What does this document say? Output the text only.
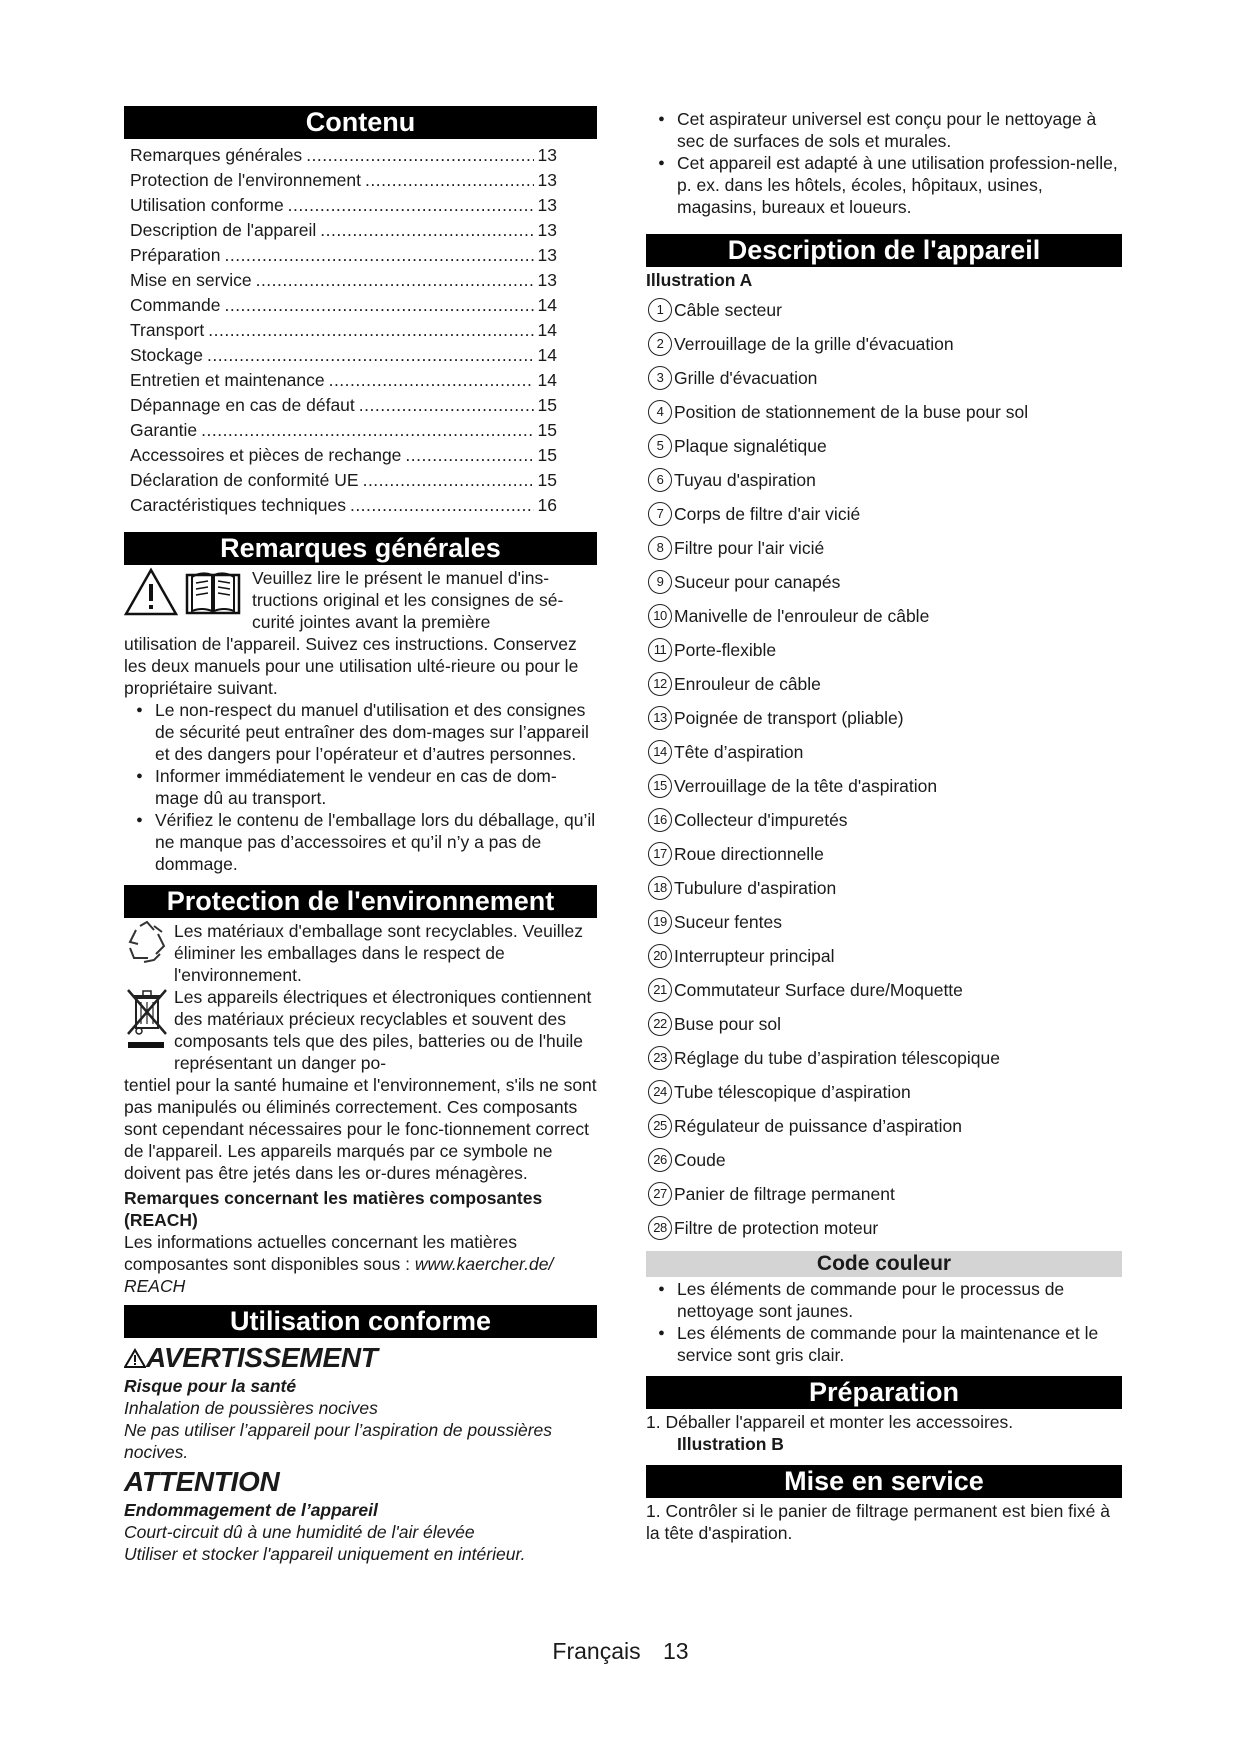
Contenu
Remarques générales .....	13
Protection de l'environnement .....	13
Utilisation conforme .....	13
Description de l'appareil .....	13
Préparation .....	13
Mise en service .....	13
Commande .....	14
Transport .....	14
Stockage .....	14
Entretien et maintenance .....	14
Dépannage en cas de défaut .....	15
Garantie .....	15
Accessoires et pièces de rechange .....	15
Déclaration de conformité UE .....	15
Caractéristiques techniques .....	16
Remarques générales

Veuillez lire le présent le manuel d'ins-tructions original et les consignes de sé-curité jointes avant la première

utilisation de l'appareil. Suivez ces instructions. Conservez les deux manuels pour une utilisation ulté-rieure ou pour le propriétaire suivant.

● Le non-respect du manuel d'utilisation et des consignes de sécurité peut entraîner des dom-mages sur l’appareil et des dangers pour l’opérateur et d’autres personnes.
● Informer immédiatement le vendeur en cas de dom-mage dû au transport.
● Vérifiez le contenu de l'emballage lors du déballage, qu’il ne manque pas d’accessoires et qu’il n’y a pas de dommage.
Protection de l'environnement

Les matériaux d'emballage sont recyclables. Veuillez éliminer les emballages dans le respect de l'environnement.

Les appareils électriques et électroniques contiennent des matériaux précieux recyclables et souvent des composants tels que des piles, batteries ou de l'huile représentant un danger po-

tentiel pour la santé humaine et l'environnement, s'ils ne sont pas manipulés ou éliminés correctement. Ces composants sont cependant nécessaires pour le fonc-tionnement correct de l'appareil. Les appareils marqués par ce symbole ne doivent pas être jetés dans les or-dures ménagères.

Remarques concernant les matières composantes (REACH)

Les informations actuelles concernant les matières composantes sont disponibles sous : www.kaercher.de/ REACH

Utilisation conforme
AVERTISSEMENT

Risque pour la santé

Inhalation de poussières nocives

Ne pas utiliser l’appareil pour l’aspiration de poussières nocives.

ATTENTION

Endommagement de l’appareil

Court-circuit dû à une humidité de l'air élevée

Utiliser et stocker l'appareil uniquement en intérieur.

● Cet aspirateur universel est conçu pour le nettoyage à sec de surfaces de sols et murales.
● Cet appareil est adapté à une utilisation profession-nelle, p. ex. dans les hôtels, écoles, hôpitaux, usines, magasins, bureaux et loueurs.
Description de l'appareil

Illustration A

1 Câble secteur
2 Verrouillage de la grille d'évacuation
3 Grille d'évacuation
4 Position de stationnement de la buse pour sol
5 Plaque signalétique
6 Tuyau d'aspiration
7 Corps de filtre d'air vicié
8 Filtre pour l'air vicié
9 Suceur pour canapés
10 Manivelle de l'enrouleur de câble
11 Porte-flexible
12 Enrouleur de câble
13 Poignée de transport (pliable)
14 Tête d’aspiration
15 Verrouillage de la tête d'aspiration
16 Collecteur d'impuretés
17 Roue directionnelle
18 Tubulure d'aspiration
19 Suceur fentes
20 Interrupteur principal
21 Commutateur Surface dure/Moquette
22 Buse pour sol
23 Réglage du tube d’aspiration télescopique
24 Tube télescopique d’aspiration
25 Régulateur de puissance d’aspiration
26 Coude
27 Panier de filtrage permanent
28 Filtre de protection moteur
Code couleur
● Les éléments de commande pour le processus de nettoyage sont jaunes.
● Les éléments de commande pour la maintenance et le service sont gris clair.
Préparation

1. Déballer l'appareil et monter les accessoires.

Illustration B

Mise en service

1. Contrôler si le panier de filtrage permanent est bien fixé à la tête d'aspiration.

Français 13
